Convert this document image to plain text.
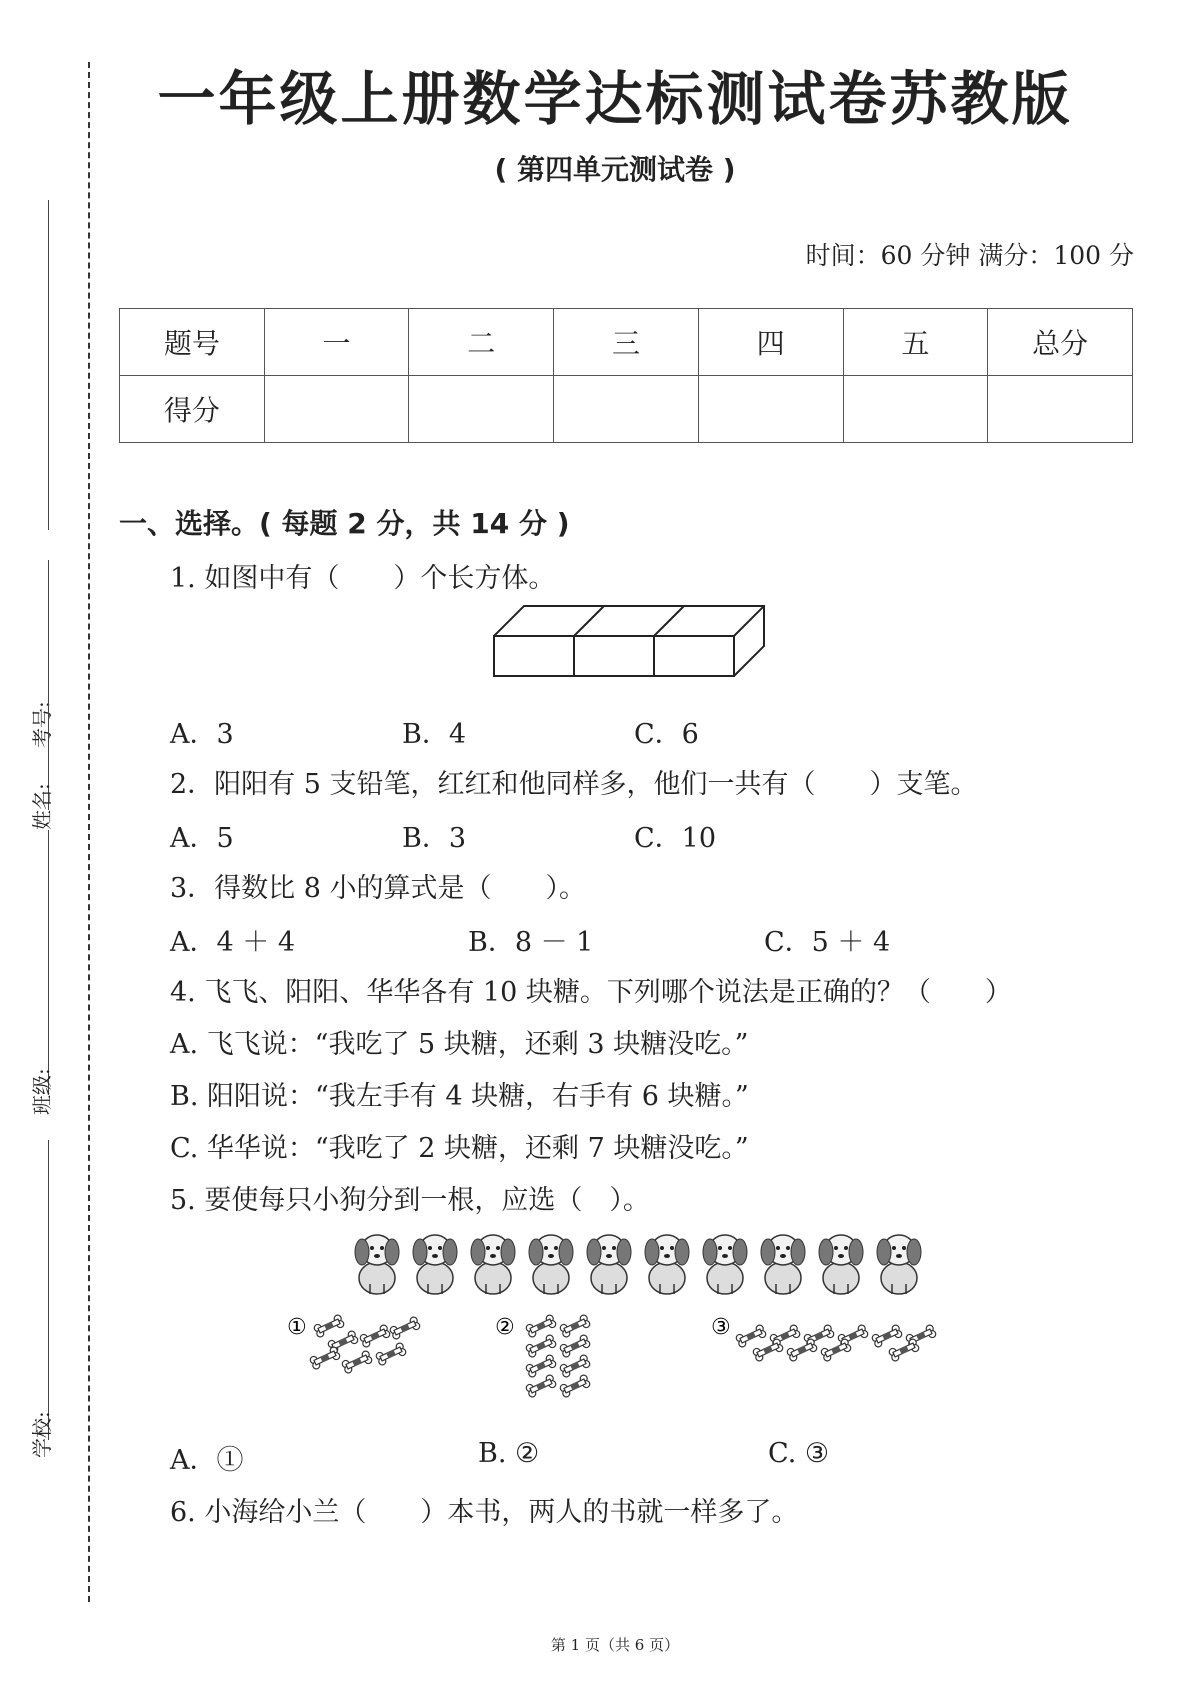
考号:
姓名:
班级:
学校:
一年级上册数学达标测试卷苏教版
( 第四单元测试卷 )
时间：60 分钟 满分：100 分
题号	一	二	三	四	五	总分
得分						
一、选择。( 每题 2 分，共 14 分 )
1. 如图中有（　　）个长方体。
A．3	B．4	C．6
2．阳阳有 5 支铅笔，红红和他同样多，他们一共有（　　）支笔。
A．5	B．3	C．10
3．得数比 8 小的算式是（　　）。
A．4 ＋ 4	B．8 － 1	C．5 ＋ 4
4. 飞飞、阳阳、华华各有 10 块糖。下列哪个说法是正确的？（　　）
A. 飞飞说：“我吃了 5 块糖，还剩 3 块糖没吃。”
B. 阳阳说：“我左手有 4 块糖，右手有 6 块糖。”
C. 华华说：“我吃了 2 块糖，还剩 7 块糖没吃。”
5. 要使每只小狗分到一根，应选（　）。
①	②	③
A．①	B. ②	C. ③
6. 小海给小兰（　　）本书，两人的书就一样多了。
第 1 页（共 6 页）
